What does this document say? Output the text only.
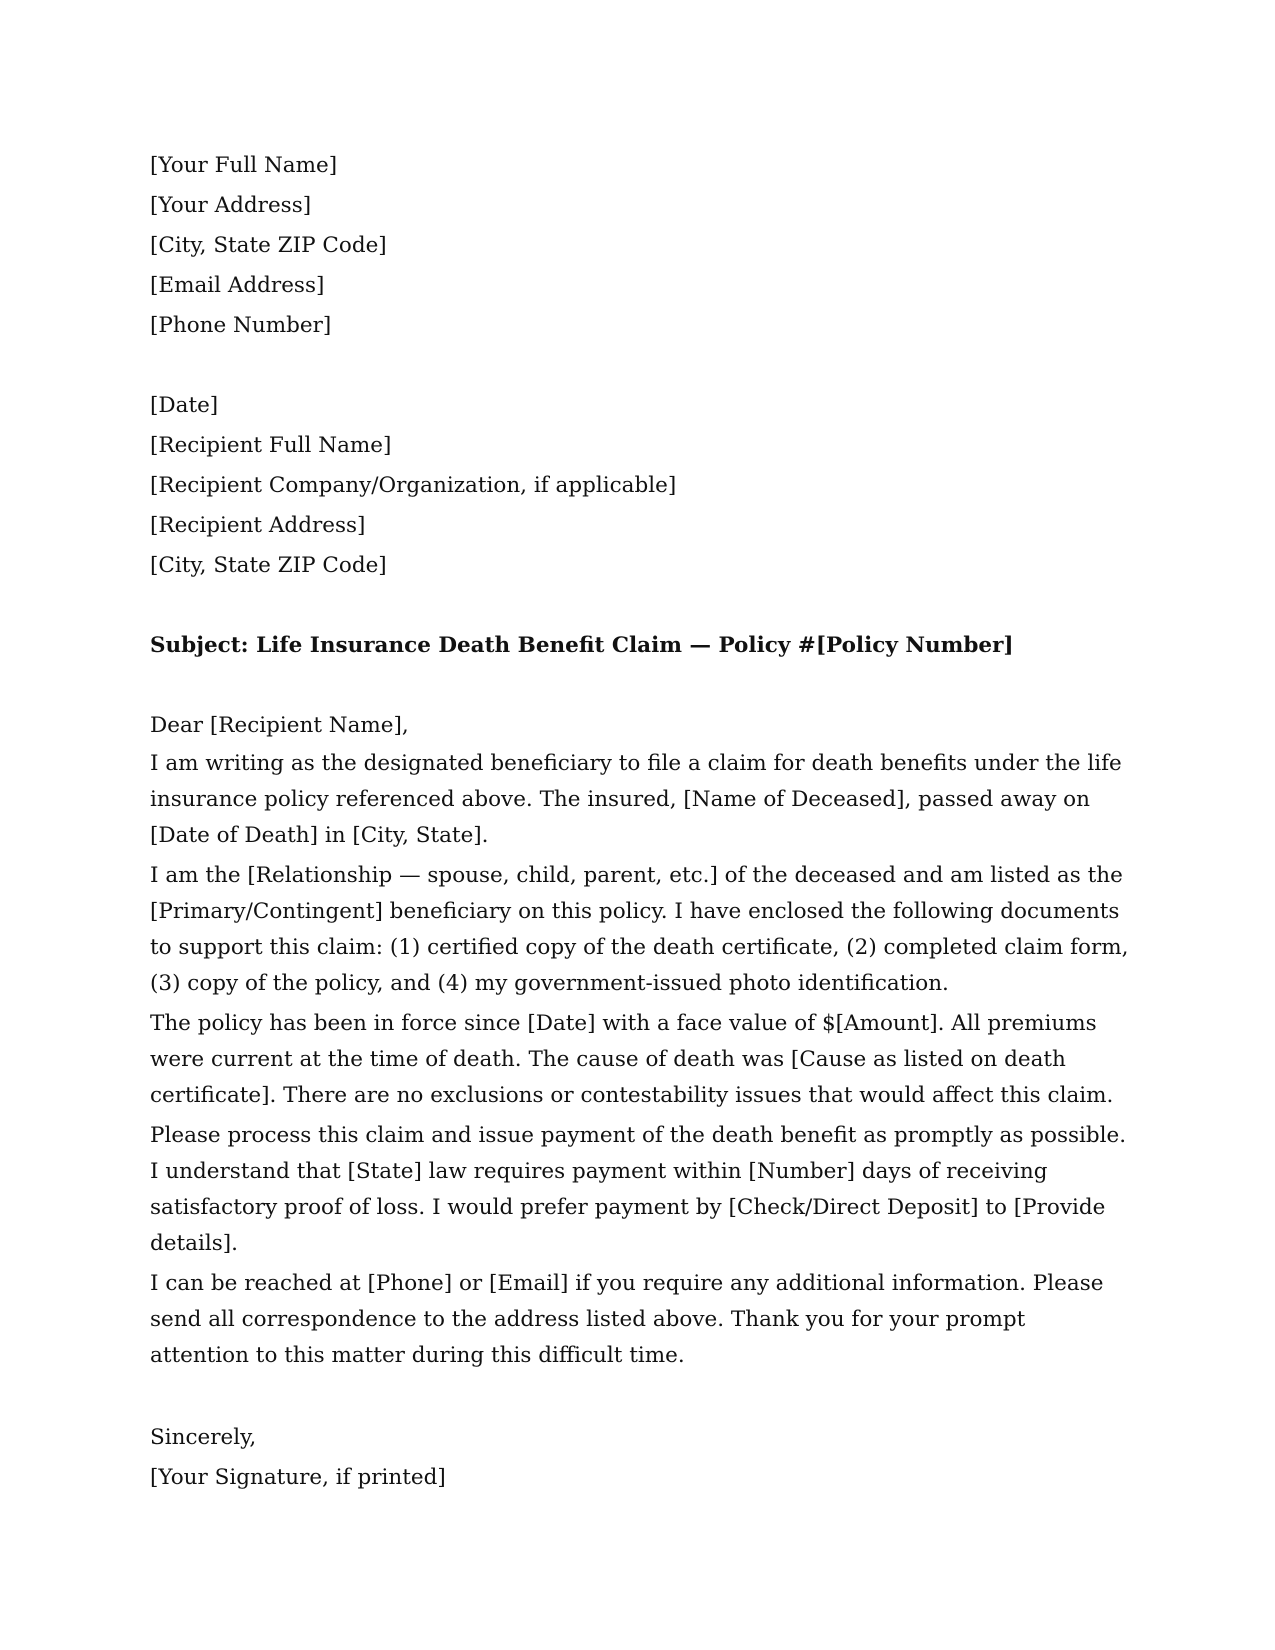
[Your Full Name]
[Your Address]
[City, State ZIP Code]
[Email Address]
[Phone Number]
[Date]
[Recipient Full Name]
[Recipient Company/Organization, if applicable]
[Recipient Address]
[City, State ZIP Code]
Subject: Life Insurance Death Benefit Claim — Policy #[Policy Number]
Dear [Recipient Name],

I am writing as the designated beneficiary to file a claim for death benefits under the life insurance policy referenced above. The insured, [Name of Deceased], passed away on [Date of Death] in [City, State].

I am the [Relationship — spouse, child, parent, etc.] of the deceased and am listed as the [Primary/Contingent] beneficiary on this policy. I have enclosed the following documents to support this claim: (1) certified copy of the death certificate, (2) completed claim form, (3) copy of the policy, and (4) my government-issued photo identification.

The policy has been in force since [Date] with a face value of $[Amount]. All premiums were current at the time of death. The cause of death was [Cause as listed on death certificate]. There are no exclusions or contestability issues that would affect this claim.

Please process this claim and issue payment of the death benefit as promptly as possible. I understand that [State] law requires payment within [Number] days of receiving satisfactory proof of loss. I would prefer payment by [Check/Direct Deposit] to [Provide details].

I can be reached at [Phone] or [Email] if you require any additional information. Please send all correspondence to the address listed above. Thank you for your prompt attention to this matter during this difficult time.

Sincerely,
[Your Signature, if printed]
